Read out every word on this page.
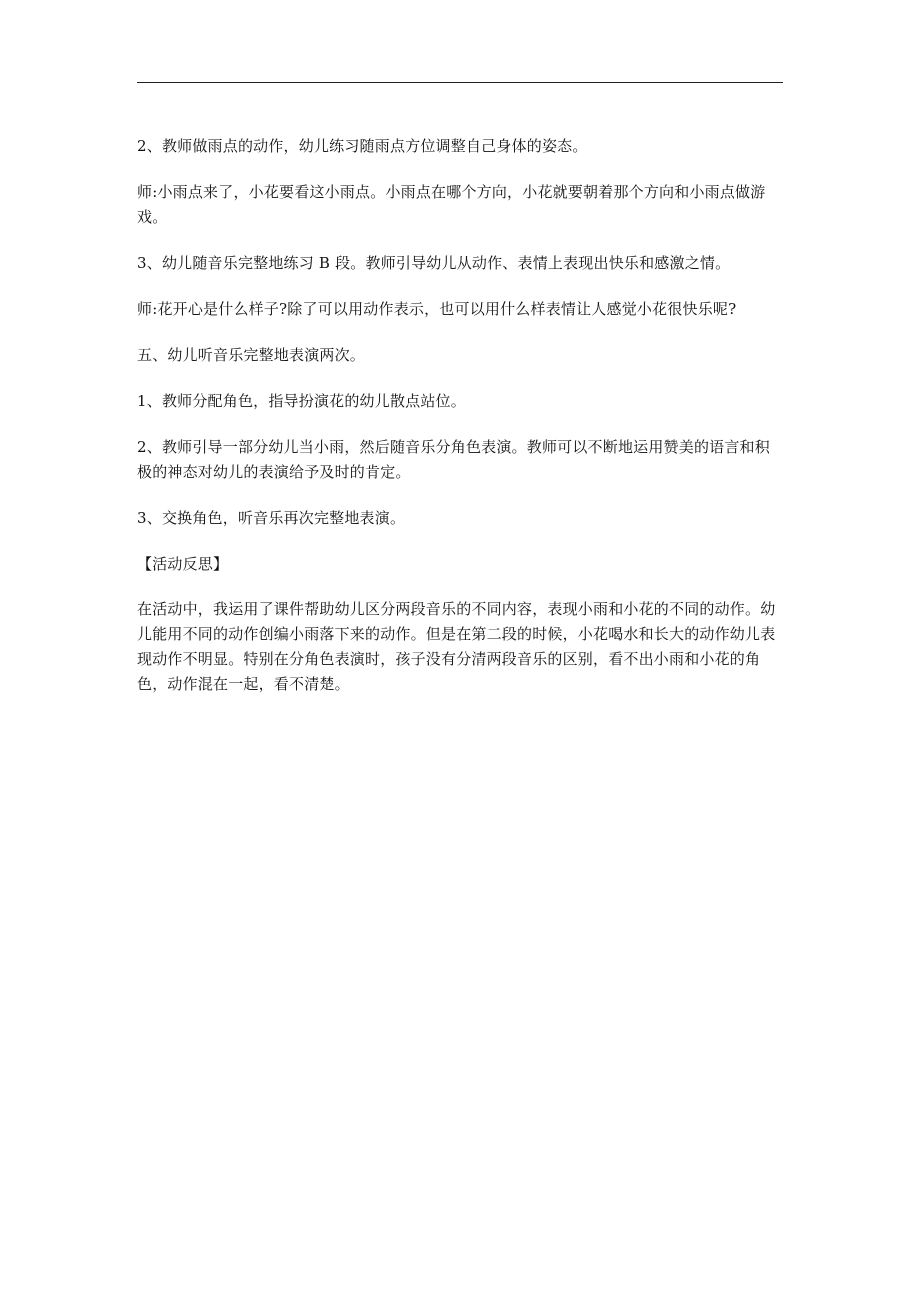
2、教师做雨点的动作，幼儿练习随雨点方位调整自己身体的姿态。

师:小雨点来了，小花要看这小雨点。小雨点在哪个方向，小花就要朝着那个方向和小雨点做游戏。

3、幼儿随音乐完整地练习 B 段。教师引导幼儿从动作、表情上表现出快乐和感激之情。

师:花开心是什么样子?除了可以用动作表示，也可以用什么样表情让人感觉小花很快乐呢?

五、幼儿听音乐完整地表演两次。

1、教师分配角色，指导扮演花的幼儿散点站位。

2、教师引导一部分幼儿当小雨，然后随音乐分角色表演。教师可以不断地运用赞美的语言和积极的神态对幼儿的表演给予及时的肯定。

3、交换角色，听音乐再次完整地表演。

【活动反思】

在活动中，我运用了课件帮助幼儿区分两段音乐的不同内容，表现小雨和小花的不同的动作。幼儿能用不同的动作创编小雨落下来的动作。但是在第二段的时候，小花喝水和长大的动作幼儿表现动作不明显。特别在分角色表演时，孩子没有分清两段音乐的区别，看不出小雨和小花的角色，动作混在一起，看不清楚。
